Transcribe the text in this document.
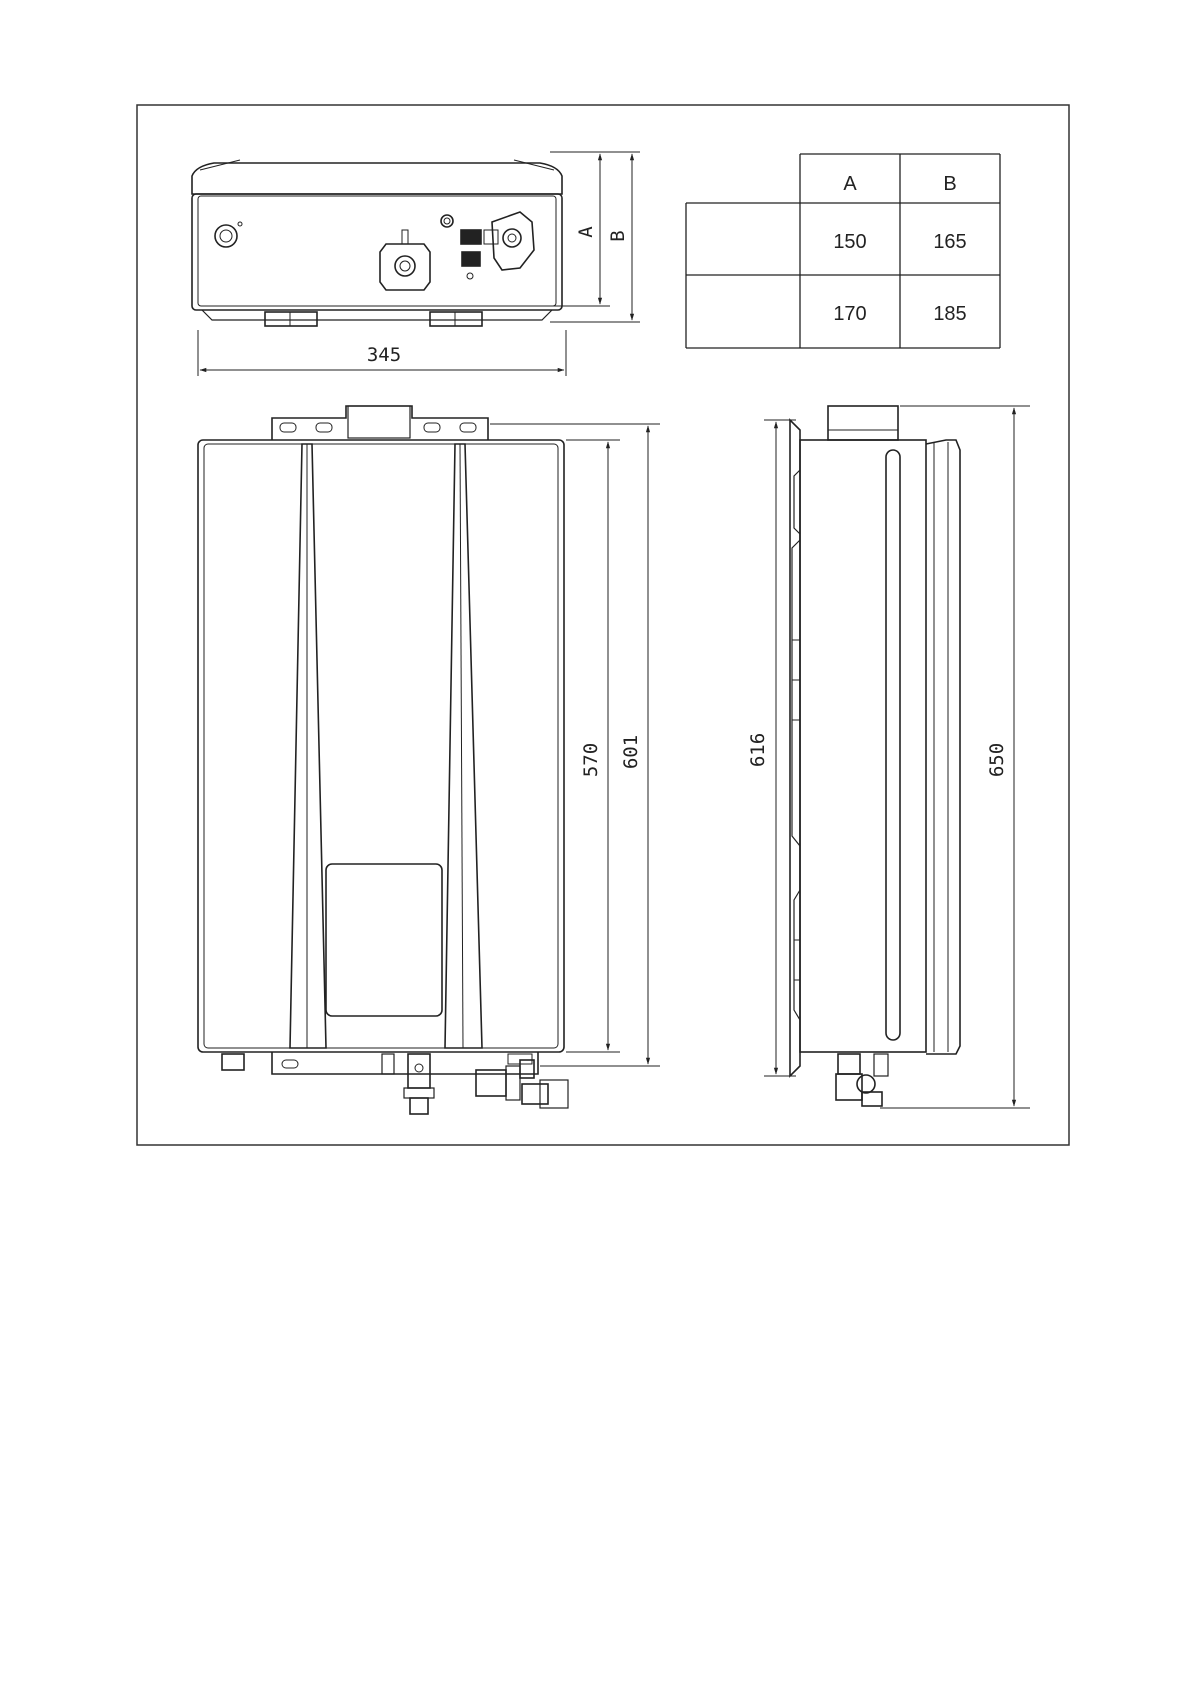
A B
345
A	B
150	165
170	185
570 601	616	650
